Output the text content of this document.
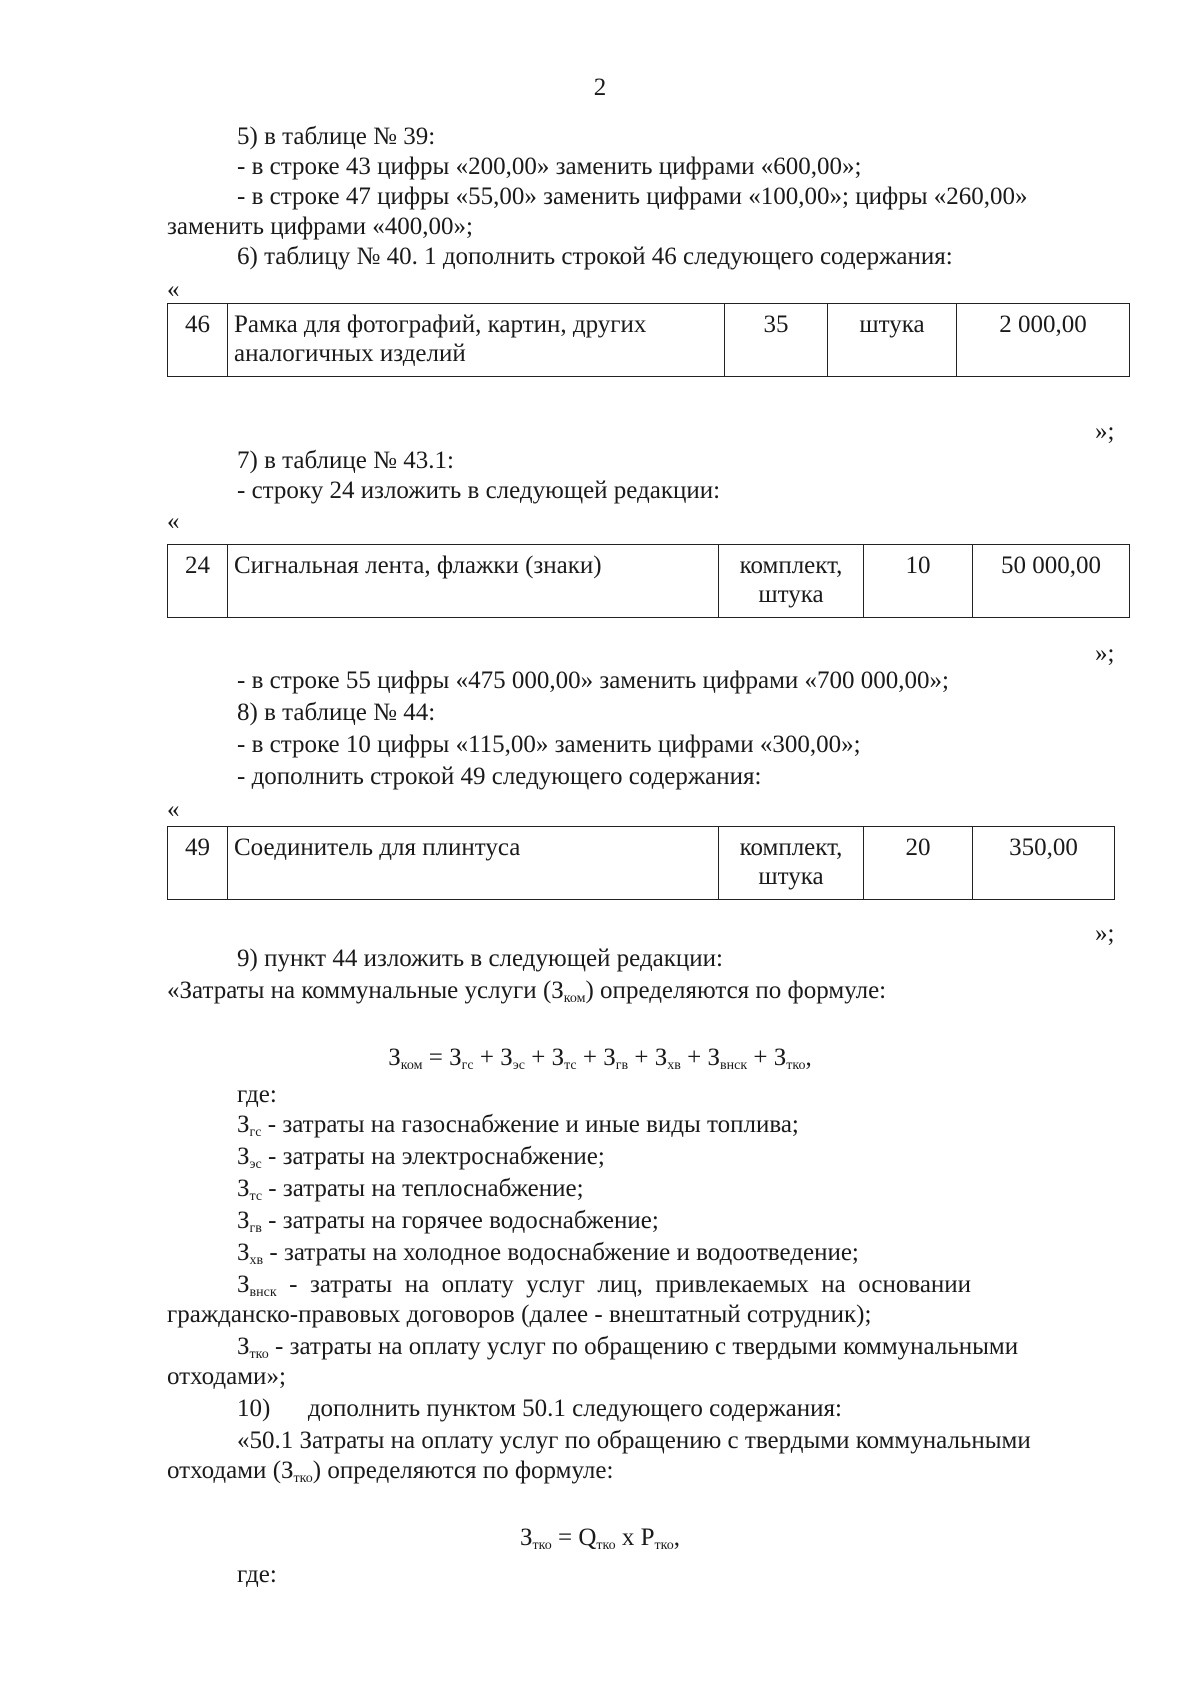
2
5) в таблице № 39:
- в строке 43 цифры «200,00» заменить цифрами «600,00»;
- в строке 47 цифры «55,00» заменить цифрами «100,00»; цифры «260,00»
заменить цифрами «400,00»;
6) таблицу № 40. 1 дополнить строкой 46 следующего содержания:
«
46	Рамка для фотографий, картин, других аналогичных изделий	35	штука	2 000,00
»;
7) в таблице № 43.1:
- строку 24 изложить в следующей редакции:
«
24	Сигнальная лента, флажки (знаки)	комплект, штука	10	50 000,00
»;
- в строке 55 цифры «475 000,00» заменить цифрами «700 000,00»;
8) в таблице № 44:
- в строке 10 цифры «115,00» заменить цифрами «300,00»;
- дополнить строкой 49 следующего содержания:
«
49	Соединитель для плинтуса	комплект, штука	20	350,00
»;
9) пункт 44 изложить в следующей редакции:
«Затраты на коммунальные услуги $(З_{ком})$ определяются по формуле:
$З_{ком} = З_{гс} + З_{эс} + З_{тс} + З_{гв} + З_{хв} + З_{внск} + З_{тко}$,
где:
$З_{гс}$ - затраты на газоснабжение и иные виды топлива;
$З_{эс}$ - затраты на электроснабжение;
$З_{тс}$ - затраты на теплоснабжение;
$З_{гв}$ - затраты на горячее водоснабжение;
$З_{хв}$ - затраты на холодное водоснабжение и водоотведение;
$З_{внск}$  -  затраты  на  оплату  услуг  лиц,  привлекаемых  на  основании
гражданско-правовых договоров (далее - внештатный сотрудник);
$З_{тко}$ - затраты на оплату услуг по обращению с твердыми коммунальными
отходами»;
10)      дополнить пунктом 50.1 следующего содержания:
«50.1 Затраты на оплату услуг по обращению с твердыми коммунальными
отходами $(З_{тко})$ определяются по формуле:
$З_{тко} = Q_{тко}$ x $P_{тко}$,
где:
